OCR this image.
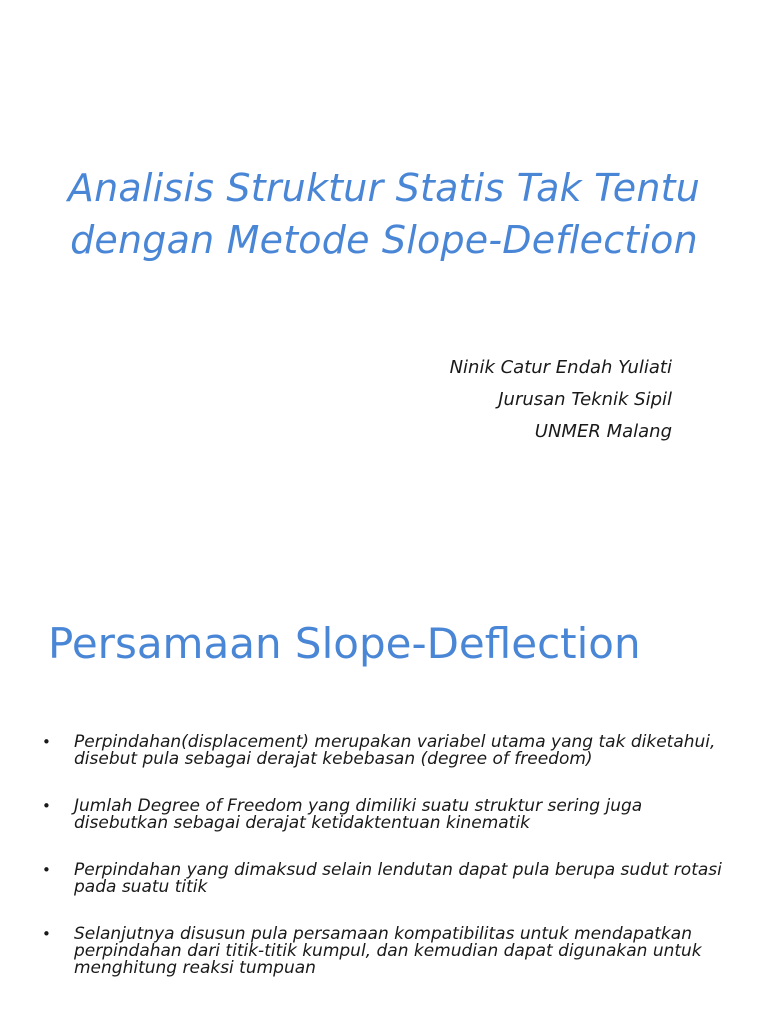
Analisis Struktur Statis Tak Tentu dengan Metode Slope-Deflection
Ninik Catur Endah Yuliati
Jurusan Teknik Sipil
UNMER Malang
Persamaan Slope-Deflection
• Perpindahan(displacement) merupakan variabel utama yang tak diketahui, disebut pula sebagai derajat kebebasan (degree of freedom)
• Jumlah Degree of Freedom yang dimiliki suatu struktur sering juga disebutkan sebagai derajat ketidaktentuan kinematik
• Perpindahan yang dimaksud selain lendutan dapat pula berupa sudut rotasi pada suatu titik
• Selanjutnya disusun pula persamaan kompatibilitas untuk mendapatkan perpindahan dari titik-titik kumpul, dan kemudian dapat digunakan untuk menghitung reaksi tumpuan
